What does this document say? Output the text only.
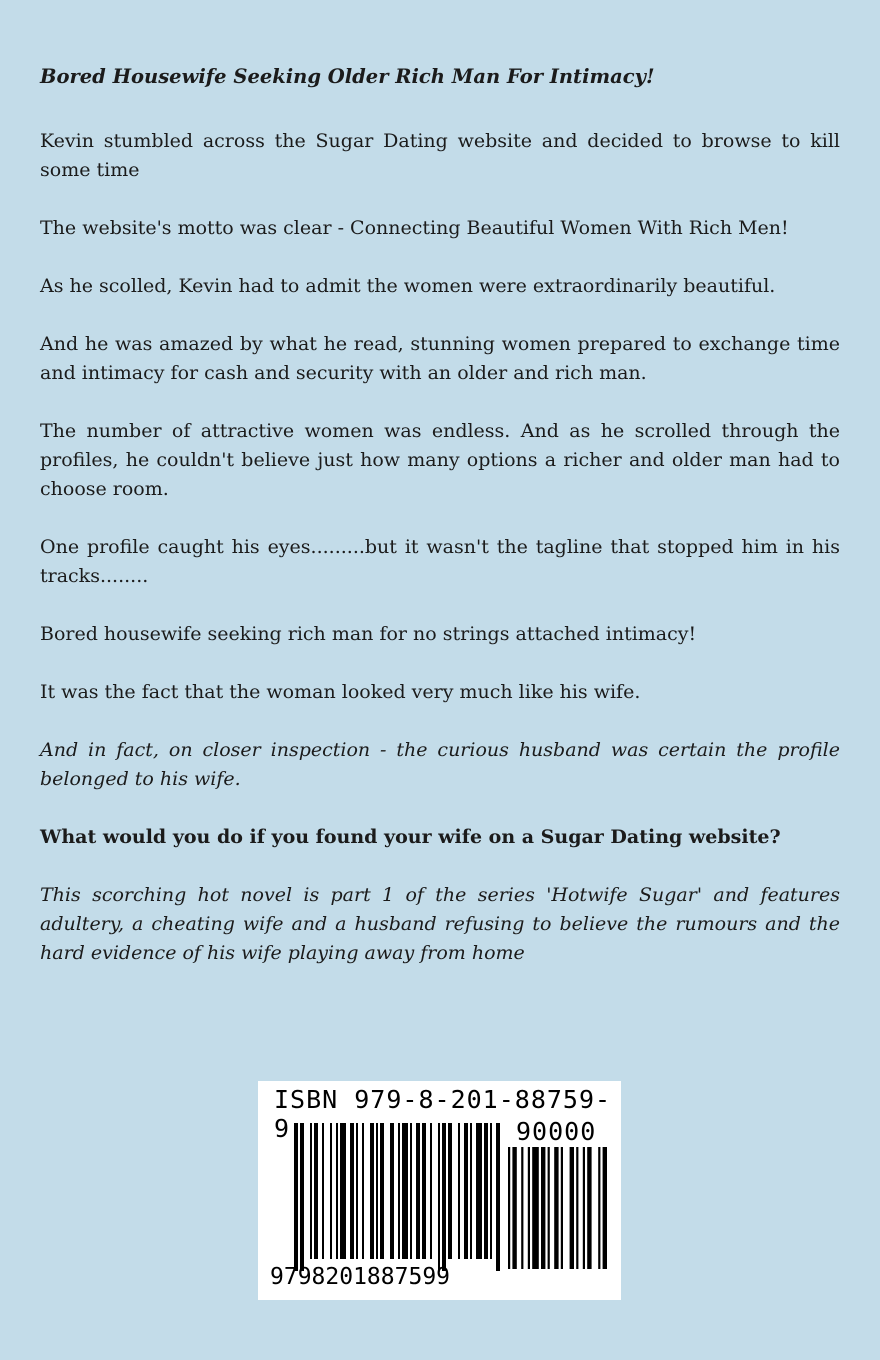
Bored Housewife Seeking Older Rich Man For Intimacy!

Kevin stumbled across the Sugar Dating website and decided to browse to kill some time

The website's motto was clear - Connecting Beautiful Women With Rich Men!

As he scolled, Kevin had to admit the women were extraordinarily beautiful.

And he was amazed by what he read, stunning women prepared to exchange time and intimacy for cash and security with an older and rich man.

The number of attractive women was endless. And as he scrolled through the profiles, he couldn't believe just how many options a richer and older man had to choose room.

One profile caught his eyes.........but it wasn't the tagline that stopped him in his tracks........

Bored housewife seeking rich man for no strings attached intimacy!

It was the fact that the woman looked very much like his wife.

And in fact, on closer inspection - the curious husband was certain the profile belonged to his wife.

What would you do if you found your wife on a Sugar Dating website?

This scorching hot novel is part 1 of the series 'Hotwife Sugar' and features adultery, a cheating wife and a husband refusing to believe the rumours and the hard evidence of his wife playing away from home

ISBN 979-8-201-88759-9	90000
9798201887599
